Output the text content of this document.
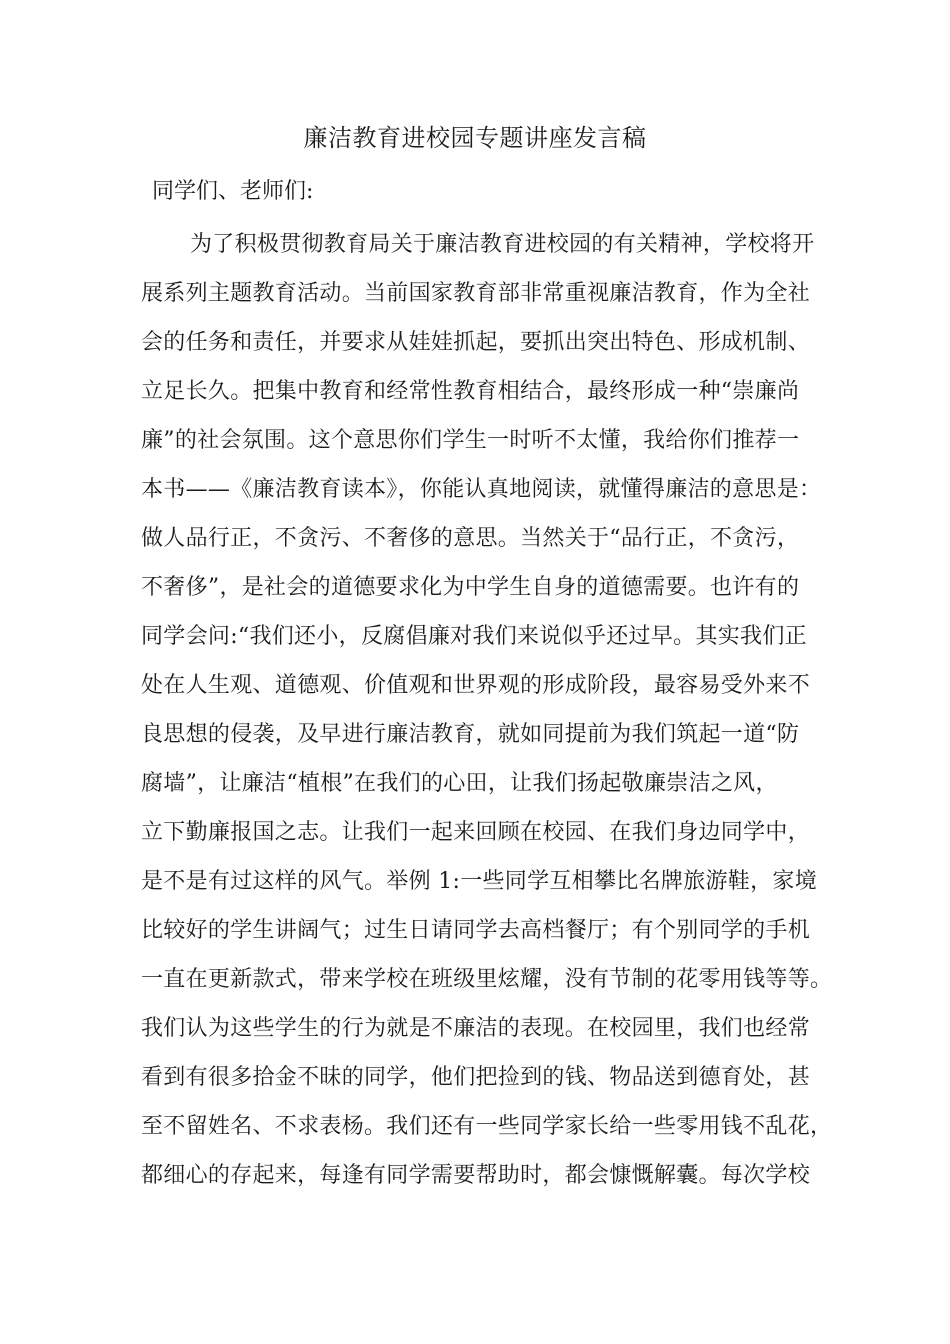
廉洁教育进校园专题讲座发言稿
同学们、老师们:
为了积极贯彻教育局关于廉洁教育进校园的有关精神，学校将开
展系列主题教育活动。当前国家教育部非常重视廉洁教育，作为全社
会的任务和责任，并要求从娃娃抓起，要抓出突出特色、形成机制、
立足长久。把集中教育和经常性教育相结合，最终形成一种“崇廉尚
廉”的社会氛围。这个意思你们学生一时听不太懂，我给你们推荐一
本书——《廉洁教育读本》，你能认真地阅读，就懂得廉洁的意思是：
做人品行正，不贪污、不奢侈的意思。当然关于“品行正，不贪污，
不奢侈”，是社会的道德要求化为中学生自身的道德需要。也许有的
同学会问:“我们还小，反腐倡廉对我们来说似乎还过早。其实我们正
处在人生观、道德观、价值观和世界观的形成阶段，最容易受外来不
良思想的侵袭，及早进行廉洁教育，就如同提前为我们筑起一道“防
腐墙”，让廉洁“植根”在我们的心田，让我们扬起敬廉崇洁之风，
立下勤廉报国之志。让我们一起来回顾在校园、在我们身边同学中，
是不是有过这样的风气。举例 1:一些同学互相攀比名牌旅游鞋，家境
比较好的学生讲阔气；过生日请同学去高档餐厅；有个别同学的手机
一直在更新款式，带来学校在班级里炫耀，没有节制的花零用钱等等。
我们认为这些学生的行为就是不廉洁的表现。在校园里，我们也经常
看到有很多拾金不昧的同学，他们把捡到的钱、物品送到德育处，甚
至不留姓名、不求表杨。我们还有一些同学家长给一些零用钱不乱花，
都细心的存起来，每逢有同学需要帮助时，都会慷慨解囊。每次学校
